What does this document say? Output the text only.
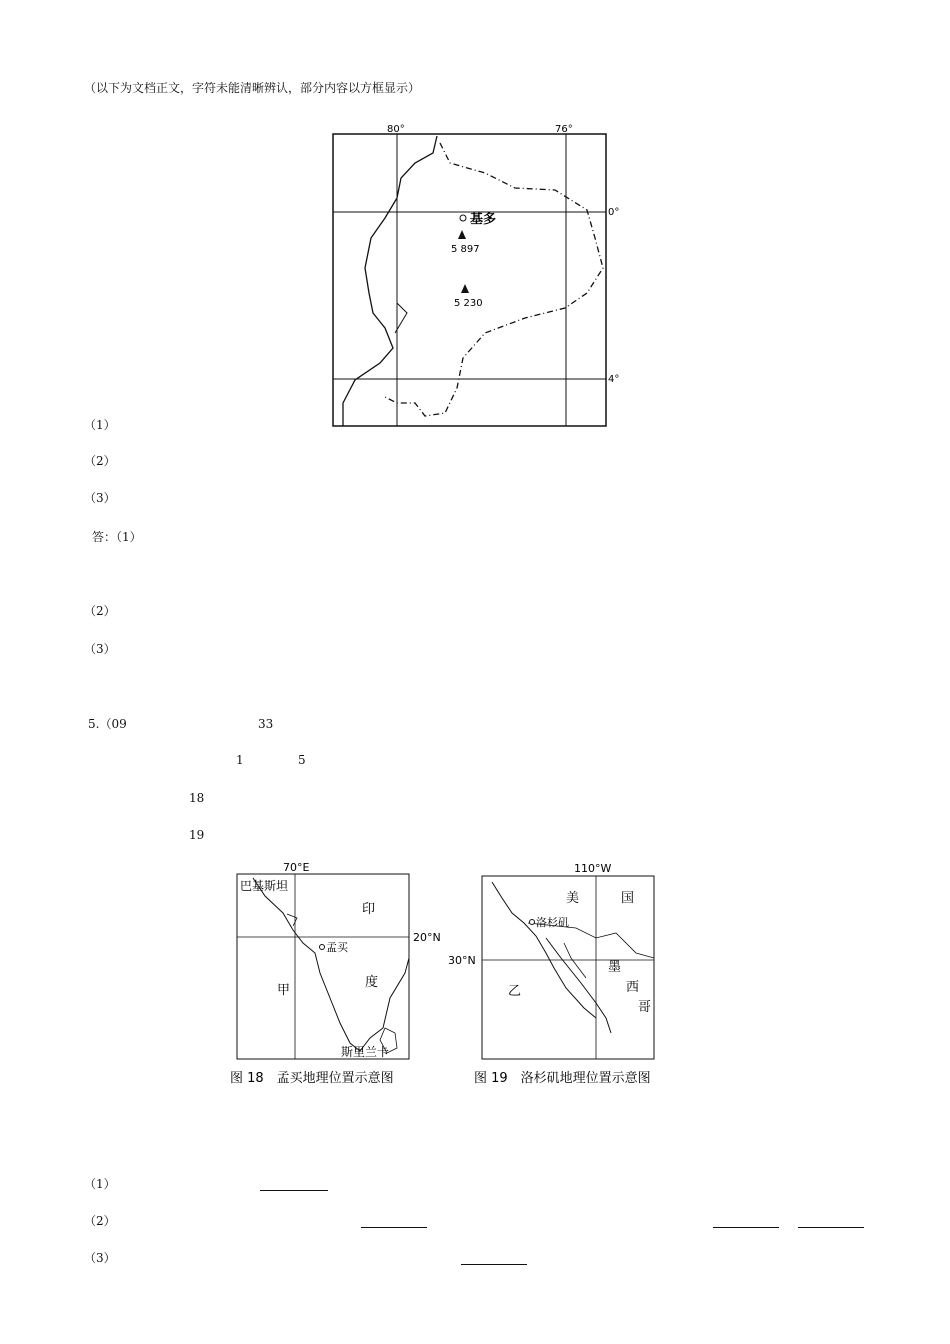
（以下为文档正文，字符未能清晰辨认，部分内容以方框显示）
80°	76°
0°
4°
基多
5 897
5 230
（1）
（2）
（3）
答：（1）
（2）
（3）
5.（09	33
1	5
18
19
70°E
20°N
巴基斯坦
印
度
孟买
甲
斯里兰卡
图 18　孟买地理位置示意图
110°W
30°N
美	国
洛杉矶
乙
墨
西
哥
图 19　洛杉矶地理位置示意图
（1）
（2）
（3）
